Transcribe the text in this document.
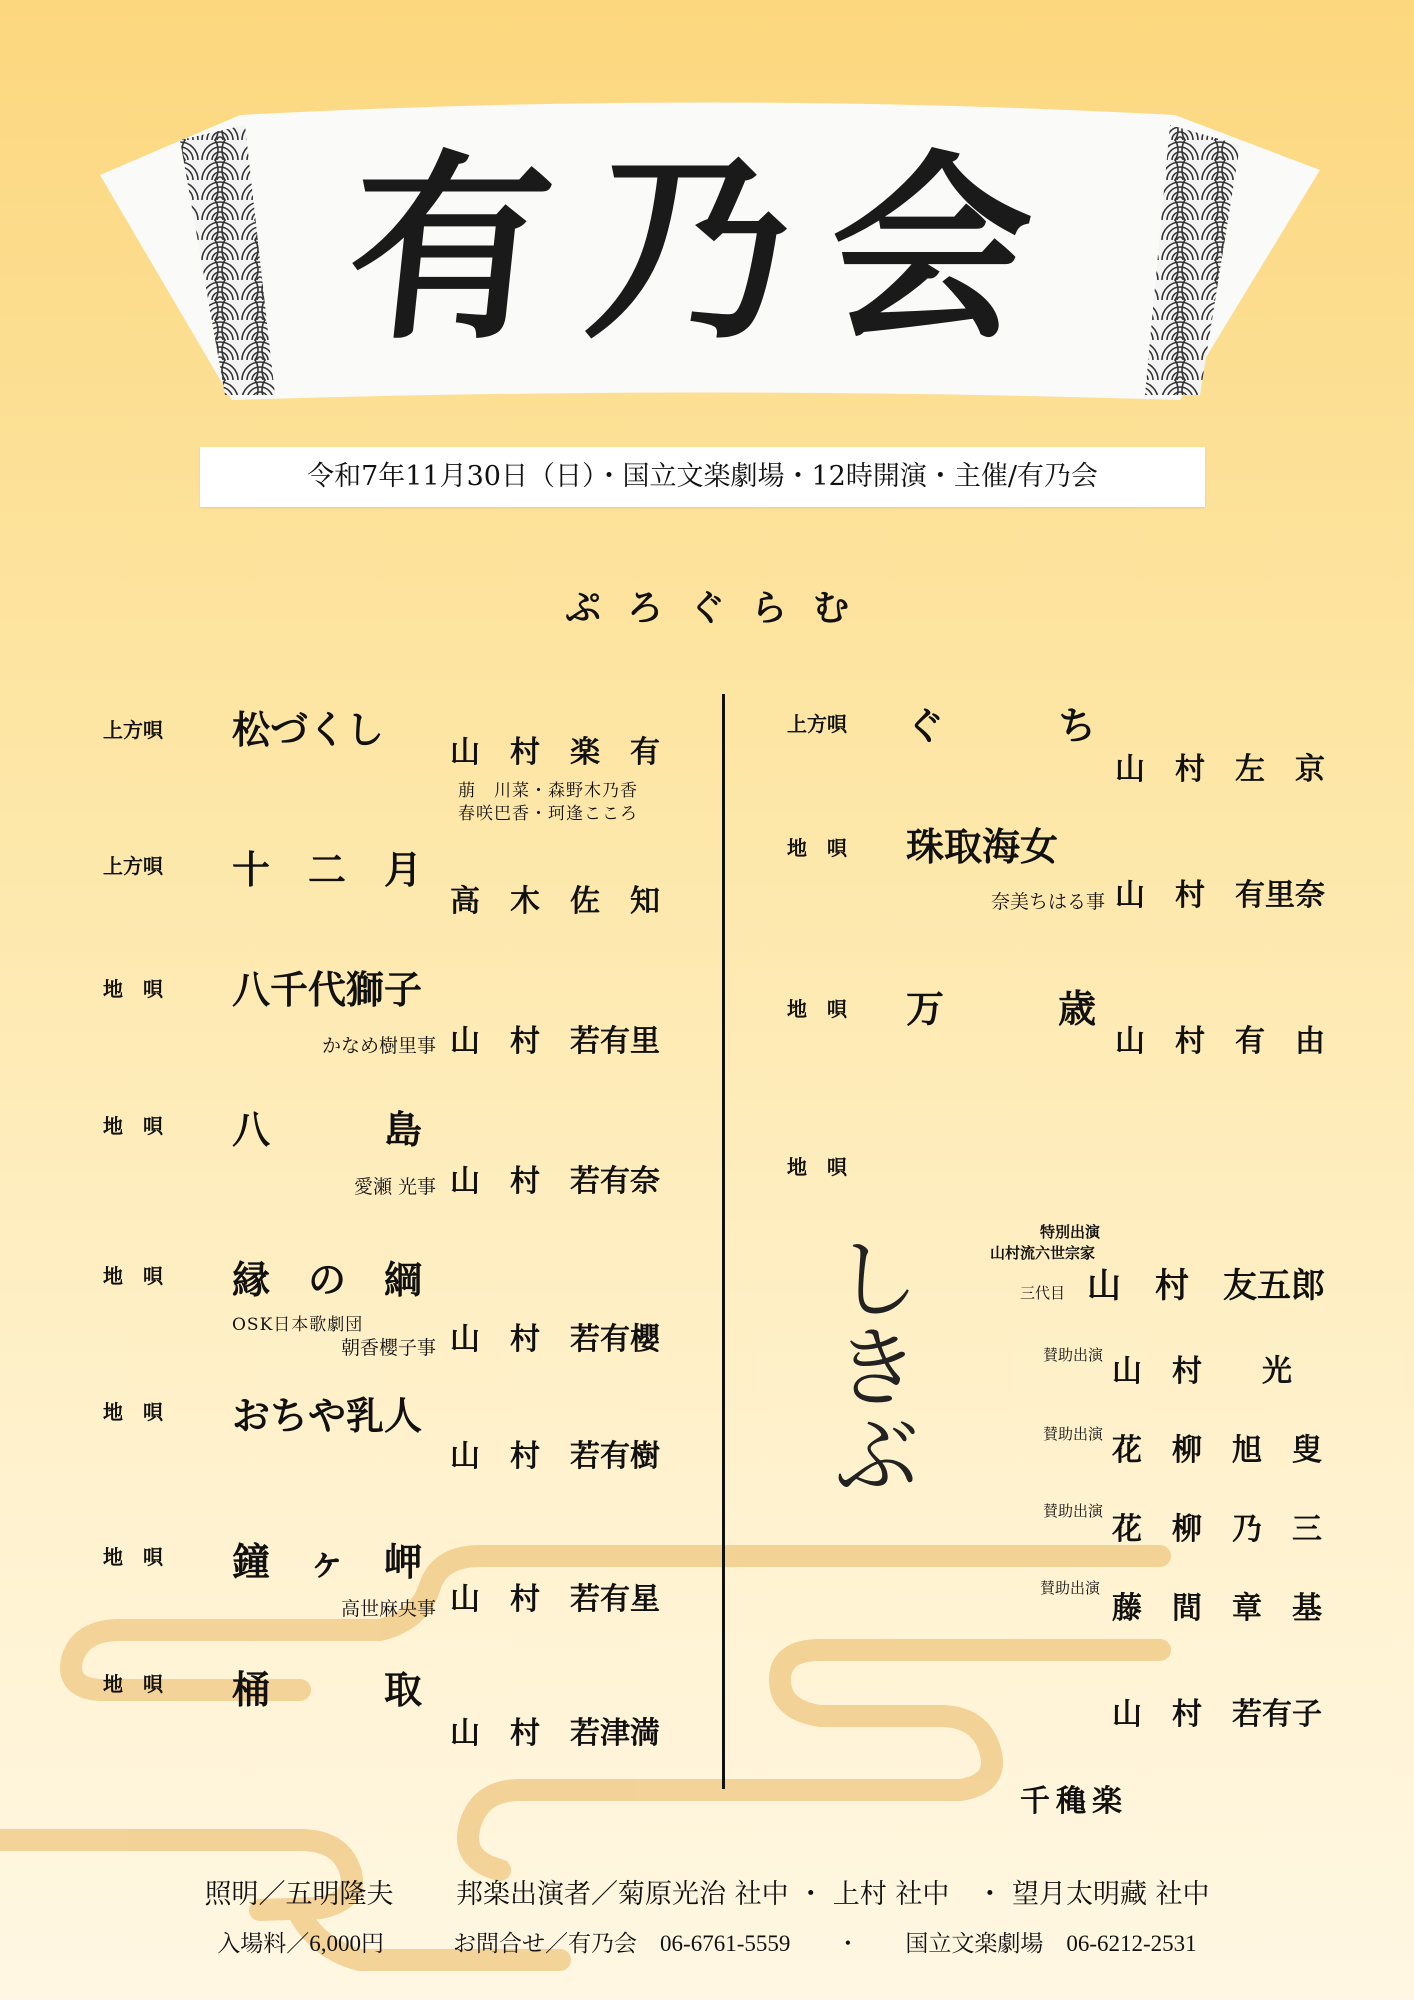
有乃会
令和7年11月30日（日）・国立文楽劇場・12時開演・主催/有乃会
ぷろぐらむ
上方唄 松づくし
山　村　楽　有
萠　川菜・森野木乃香
春咲巴香・珂逢こころ
上方唄 十　二　月
高　木　佐　知
地　唄 八千代獅子
かなめ樹里事 山　村　若有里
地　唄 八　　　島
愛瀬 光事 山　村　若有奈
地　唄 縁　の　綱
OSK日本歌劇団
朝香櫻子事 山　村　若有櫻
地　唄 おちや乳人
山　村　若有樹
地　唄 鐘　ヶ　岬
高世麻央事 山　村　若有星
地　唄 桶　　　取
山　村　若津満
上方唄 ぐ　　　ち
山　村　左　京
地　唄 珠取海女
奈美ちはる事 山　村　有里奈
地　唄 万　　　歳
山　村　有　由
地　唄
しきぶ
特別出演
山村流六世宗家
三代目 山　村　友五郎
賛助出演 山　村　　光
賛助出演 花　柳　旭　叟
賛助出演
花　柳　乃　三
賛助出演
藤　間　章　基
山　村　若有子
千穐楽
照明／五明隆夫　　 邦楽出演者／菊原光治 社中 ・ 上村 社中　・ 望月太明藏 社中
入場料／6,000円　　　お問合せ／有乃会　06-6761-5559　　・　　国立文楽劇場　06-6212-2531
